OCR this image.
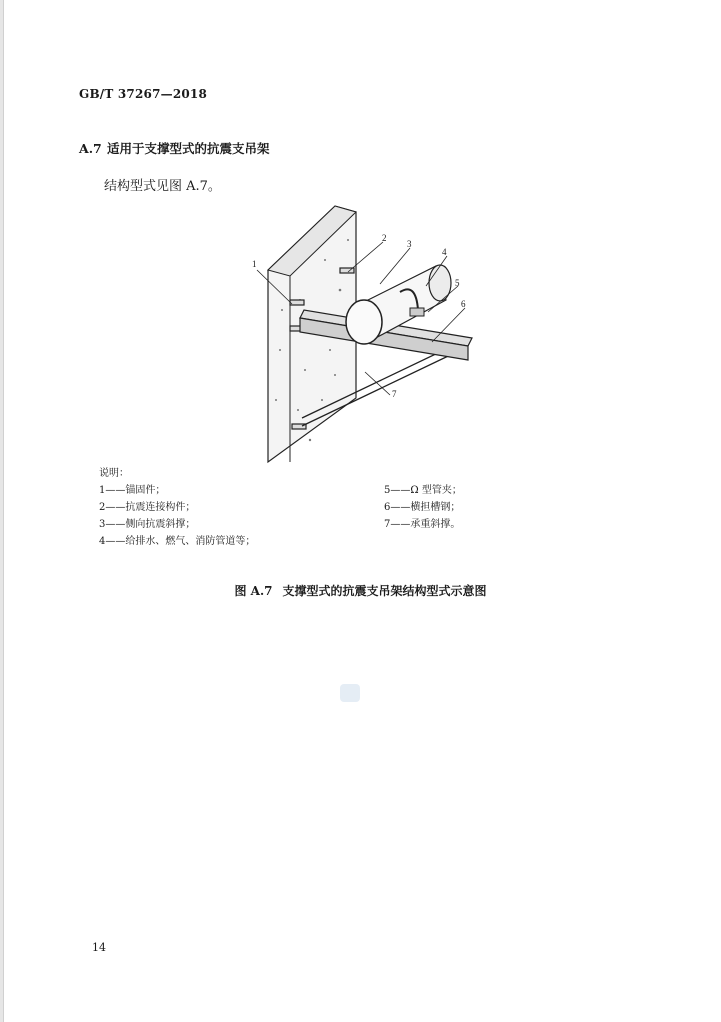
GB/T 37267—2018
A.7 适用于支撑型式的抗震支吊架
结构型式见图 A.7。
1
2
3
4
5
6
7
说明：
1——锚固件；
2——抗震连接构件；
3——侧向抗震斜撑；
4——给排水、燃气、消防管道等；
5——Ω 型管夹；
6——横担槽钢；
7——承重斜撑。
图 A.7 支撑型式的抗震支吊架结构型式示意图
14
